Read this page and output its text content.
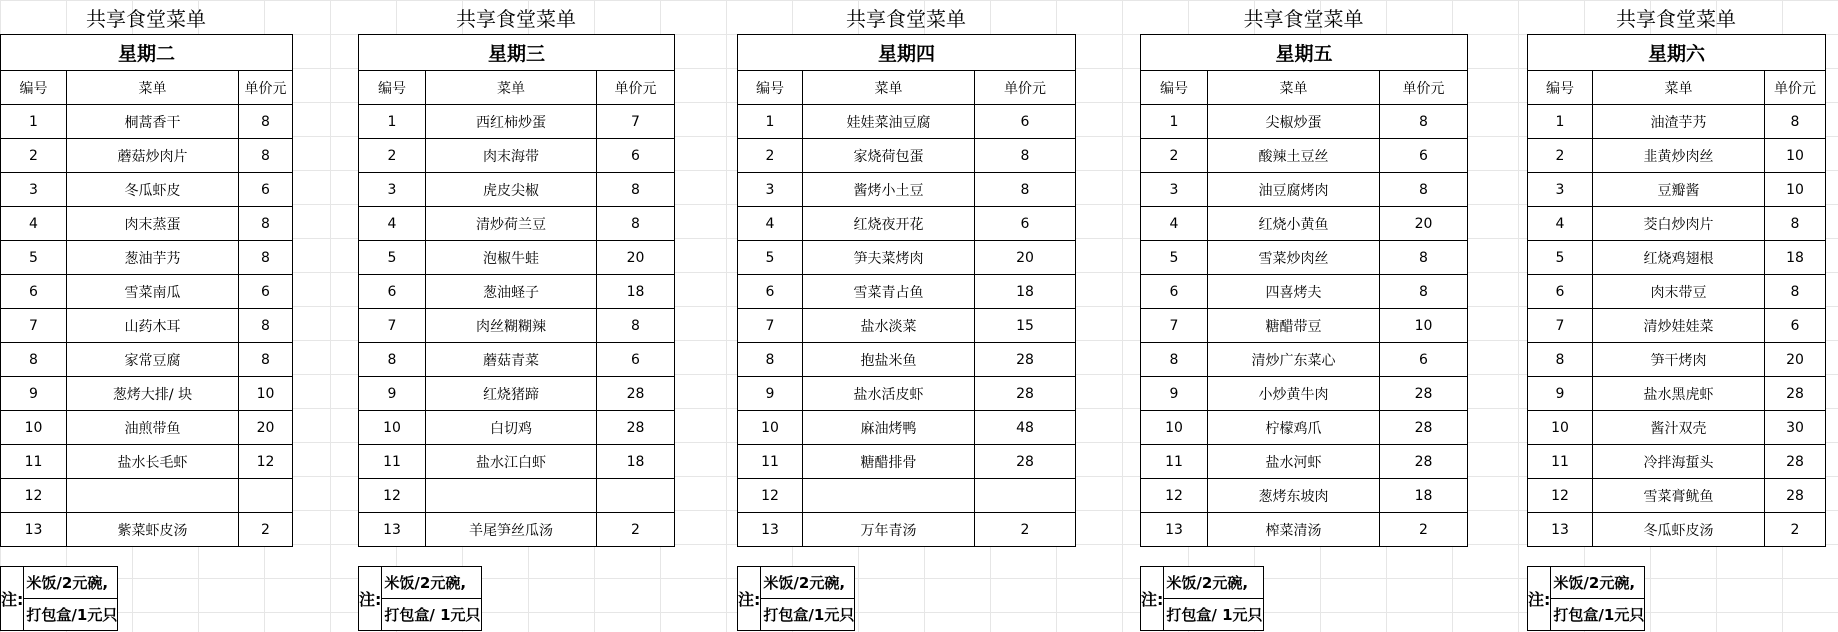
共享食堂菜单
星期二		
编号	菜单	单价元
1	桐蒿香干	8
2	蘑菇炒肉片	8
3	冬瓜虾皮	6
4	肉末蒸蛋	8
5	葱油芋艿	8
6	雪菜南瓜	6
7	山药木耳	8
8	家常豆腐	8
9	葱烤大排/ 块	10
10	油煎带鱼	20
11	盐水长毛虾	12
12		
13	紫菜虾皮汤	2
注:	米饭/2元碗,
打包盒/1元只
共享食堂菜单
星期三		
编号	菜单	单价元
1	西红柿炒蛋	7
2	肉末海带	6
3	虎皮尖椒	8
4	清炒荷兰豆	8
5	泡椒牛蛙	20
6	葱油蛏子	18
7	肉丝糊糊辣	8
8	蘑菇青菜	6
9	红烧猪蹄	28
10	白切鸡	28
11	盐水江白虾	18
12		
13	羊尾笋丝瓜汤	2
注:	米饭/2元碗,
打包盒/ 1元只
共享食堂菜单
星期四		
编号	菜单	单价元
1	娃娃菜油豆腐	6
2	家烧荷包蛋	8
3	酱烤小土豆	8
4	红烧夜开花	6
5	笋夫菜烤肉	20
6	雪菜青占鱼	18
7	盐水淡菜	15
8	抱盐米鱼	28
9	盐水活皮虾	28
10	麻油烤鸭	48
11	糖醋排骨	28
12		
13	万年青汤	2
注:	米饭/2元碗,
打包盒/1元只
共享食堂菜单
星期五		
编号	菜单	单价元
1	尖椒炒蛋	8
2	酸辣土豆丝	6
3	油豆腐烤肉	8
4	红烧小黄鱼	20
5	雪菜炒肉丝	8
6	四喜烤夫	8
7	糖醋带豆	10
8	清炒广东菜心	6
9	小炒黄牛肉	28
10	柠檬鸡爪	28
11	盐水河虾	28
12	葱烤东坡肉	18
13	榨菜清汤	2
注:	米饭/2元碗,
打包盒/ 1元只
共享食堂菜单
星期六		
编号	菜单	单价元
1	油渣芋艿	8
2	韭黄炒肉丝	10
3	豆瓣酱	10
4	茭白炒肉片	8
5	红烧鸡翅根	18
6	肉末带豆	8
7	清炒娃娃菜	6
8	笋干烤肉	20
9	盐水黑虎虾	28
10	酱汁双壳	30
11	冷拌海蜇头	28
12	雪菜膏鱿鱼	28
13	冬瓜虾皮汤	2
注:	米饭/2元碗,
打包盒/1元只
